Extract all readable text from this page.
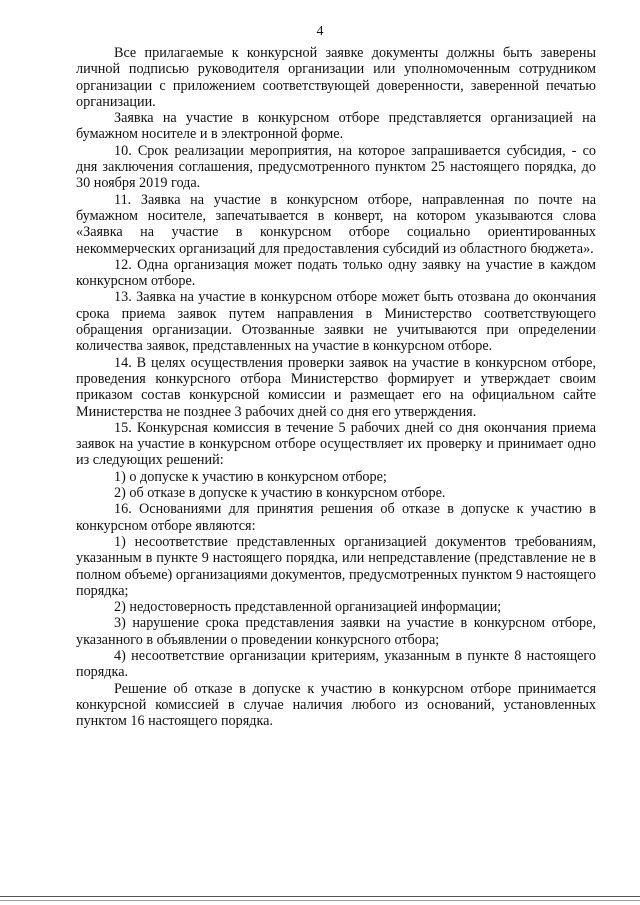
4

Все прилагаемые к конкурсной заявке документы должны быть заверены личной подписью руководителя организации или уполномоченным сотрудником организации с приложением соответствующей доверенности, заверенной печатью организации.

Заявка на участие в конкурсном отборе представляется организацией на бумажном носителе и в электронной форме.

10. Срок реализации мероприятия, на которое запрашивается субсидия, - со дня заключения соглашения, предусмотренного пунктом 25 настоящего порядка, до 30 ноября 2019 года.

11. Заявка на участие в конкурсном отборе, направленная по почте на бумажном носителе, запечатывается в конверт, на котором указываются слова «Заявка на участие в конкурсном отборе социально ориентированных некоммерческих организаций для предоставления субсидий из областного бюджета».

12. Одна организация может подать только одну заявку на участие в каждом конкурсном отборе.

13. Заявка на участие в конкурсном отборе может быть отозвана до окончания срока приема заявок путем направления в Министерство соответствующего обращения организации. Отозванные заявки не учитываются при определении количества заявок, представленных на участие в конкурсном отборе.

14. В целях осуществления проверки заявок на участие в конкурсном отборе, проведения конкурсного отбора Министерство формирует и утверждает своим приказом состав конкурсной комиссии и размещает его на официальном сайте Министерства не позднее 3 рабочих дней со дня его утверждения.

15. Конкурсная комиссия в течение 5 рабочих дней со дня окончания приема заявок на участие в конкурсном отборе осуществляет их проверку и принимает одно из следующих решений:

1) о допуске к участию в конкурсном отборе;

2) об отказе в допуске к участию в конкурсном отборе.

16. Основаниями для принятия решения об отказе в допуске к участию в конкурсном отборе являются:

1) несоответствие представленных организацией документов требованиям, указанным в пункте 9 настоящего порядка, или непредставление (представление не в полном объеме) организациями документов, предусмотренных пунктом 9 настоящего порядка;

2) недостоверность представленной организацией информации;

3) нарушение срока представления заявки на участие в конкурсном отборе, указанного в объявлении о проведении конкурсного отбора;

4) несоответствие организации критериям, указанным в пункте 8 настоящего порядка.

Решение об отказе в допуске к участию в конкурсном отборе принимается конкурсной комиссией в случае наличия любого из оснований, установленных пунктом 16 настоящего порядка.
